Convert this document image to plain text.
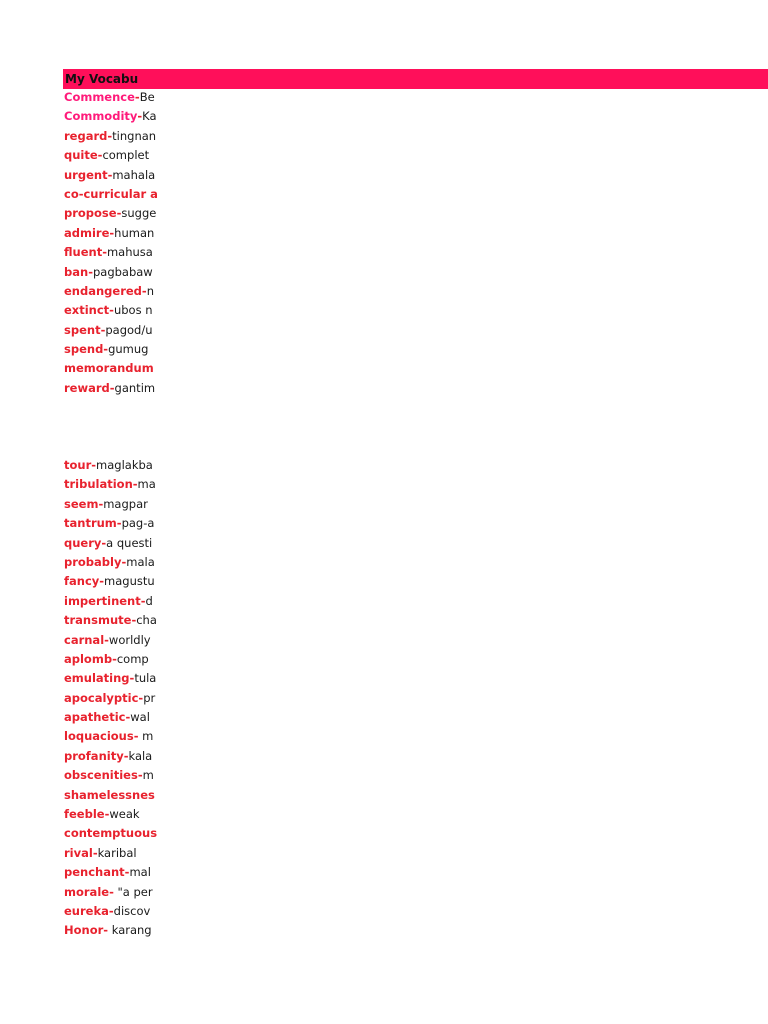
My Vocabu
Commence-Be
Commodity-Ka
regard-tingnan
quite-complet
urgent-mahala
co-curricular a
propose-sugge
admire-human
fluent-mahusa
ban-pagbabaw
endangered-n
extinct-ubos n
spent-pagod/u
spend-gumug
memorandum
reward-gantim
tour-maglakba
tribulation-ma
seem-magpar
tantrum-pag-a
query-a questi
probably-mala
fancy-magustu
impertinent-d
transmute-cha
carnal-worldly
aplomb-comp
emulating-tula
apocalyptic-pr
apathetic-wal
loquacious- m
profanity-kala
obscenities-m
shamelessnes
feeble-weak
contemptuous
rival-karibal
penchant-mal
morale- "a per
eureka-discov
Honor- karang
